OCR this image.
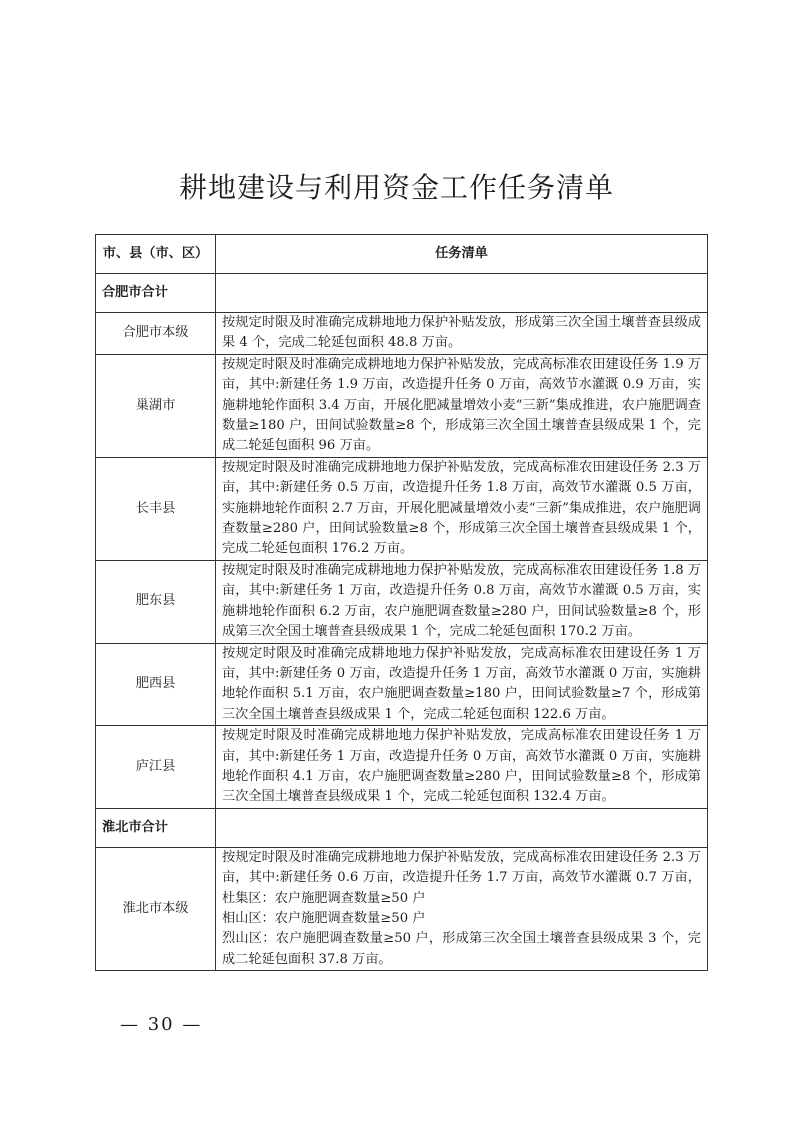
耕地建设与利用资金工作任务清单
市、县（市、区）	任务清单
合肥市合计	
合肥市本级	按规定时限及时准确完成耕地地力保护补贴发放，形成第三次全国土壤普查县级成果 4 个，完成二轮延包面积 48.8 万亩。
巢湖市	按规定时限及时准确完成耕地地力保护补贴发放，完成高标准农田建设任务 1.9 万亩，其中:新建任务 1.9 万亩，改造提升任务 0 万亩，高效节水灌溉 0.9 万亩，实施耕地轮作面积 3.4 万亩，开展化肥减量增效小麦“三新”集成推进，农户施肥调查数量≥180 户，田间试验数量≥8 个，形成第三次全国土壤普查县级成果 1 个，完成二轮延包面积 96 万亩。
长丰县	按规定时限及时准确完成耕地地力保护补贴发放，完成高标准农田建设任务 2.3 万亩，其中:新建任务 0.5 万亩，改造提升任务 1.8 万亩，高效节水灌溉 0.5 万亩，实施耕地轮作面积 2.7 万亩，开展化肥减量增效小麦“三新”集成推进，农户施肥调查数量≥280 户，田间试验数量≥8 个，形成第三次全国土壤普查县级成果 1 个，完成二轮延包面积 176.2 万亩。
肥东县	按规定时限及时准确完成耕地地力保护补贴发放，完成高标准农田建设任务 1.8 万亩，其中:新建任务 1 万亩，改造提升任务 0.8 万亩，高效节水灌溉 0.5 万亩，实施耕地轮作面积 6.2 万亩，农户施肥调查数量≥280 户，田间试验数量≥8 个，形成第三次全国土壤普查县级成果 1 个，完成二轮延包面积 170.2 万亩。
肥西县	按规定时限及时准确完成耕地地力保护补贴发放，完成高标准农田建设任务 1 万亩，其中:新建任务 0 万亩，改造提升任务 1 万亩，高效节水灌溉 0 万亩，实施耕地轮作面积 5.1 万亩，农户施肥调查数量≥180 户，田间试验数量≥7 个，形成第三次全国土壤普查县级成果 1 个，完成二轮延包面积 122.6 万亩。
庐江县	按规定时限及时准确完成耕地地力保护补贴发放，完成高标准农田建设任务 1 万亩，其中:新建任务 1 万亩，改造提升任务 0 万亩，高效节水灌溉 0 万亩，实施耕地轮作面积 4.1 万亩，农户施肥调查数量≥280 户，田间试验数量≥8 个，形成第三次全国土壤普查县级成果 1 个，完成二轮延包面积 132.4 万亩。
淮北市合计	
淮北市本级	按规定时限及时准确完成耕地地力保护补贴发放，完成高标准农田建设任务 2.3 万亩，其中:新建任务 0.6 万亩，改造提升任务 1.7 万亩，高效节水灌溉 0.7 万亩，杜集区：农户施肥调查数量≥50 户
相山区：农户施肥调查数量≥50 户
烈山区：农户施肥调查数量≥50 户，形成第三次全国土壤普查县级成果 3 个，完成二轮延包面积 37.8 万亩。
— 30 —
